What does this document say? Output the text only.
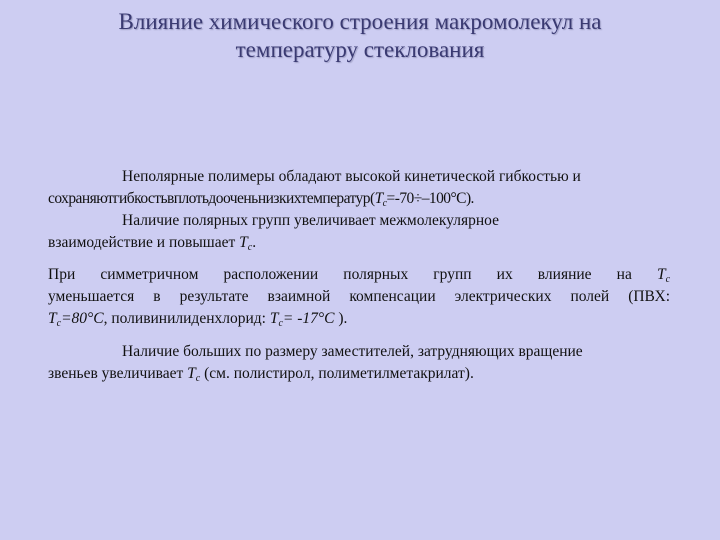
Влияние химического строения макромолекул на
температуру стеклования
Неполярные полимеры обладают высокой кинетической гибкостью и
сохраняютгибкостьвплотьдоочень $низкихтемператур(T_c=-70\div-100^\circ С)$.
Наличие полярных групп увеличивает межмолекулярное
взаимодействие и повышает $T_c$.
При симметричном расположении полярных групп их влияние на $T_c$
уменьшается в результате взаимной компенсации электрических полей (ПВХ:
$T_c=80^\circ С$, поливинилиденхлорид: $T_c= -17^\circ С$ ).
Наличие больших по размеру заместителей, затрудняющих вращение
звеньев увеличивает $T_c$ (см. полистирол, полиметилметакрилат).
